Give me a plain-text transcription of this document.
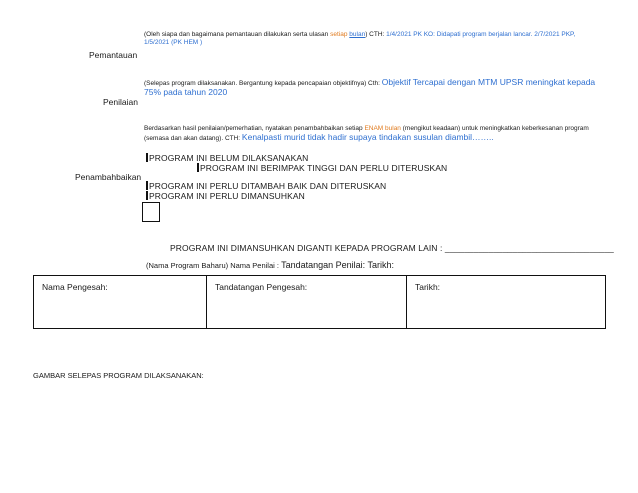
(Oleh siapa dan bagaimana pemantauan dilakukan serta ulasan setiap bulan) CTH: 1/4/2021 PK KO: Didapati program berjalan lancar. 2/7/2021 PKP,
1/5/2021 (PK HEM )
Pemantauan
(Selepas program dilaksanakan. Bergantung kepada pencapaian objektifnya) Cth: Objektif Tercapai dengan MTM UPSR meningkat kepada
75% pada tahun 2020
Penilaian
Berdasarkan hasil penilaian/pemerhatian, nyatakan penambahbaikan setiap ENAM bulan (mengikut keadaan) untuk meningkatkan keberkesanan program
(semasa dan akan datang). CTH: Kenalpasti murid tidak hadir supaya tindakan susulan diambil……..
PROGRAM INI BELUM DILAKSANAKAN
PROGRAM INI BERIMPAK TINGGI DAN PERLU DITERUSKAN
Penambahbaikan
PROGRAM INI PERLU DITAMBAH BAIK DAN DITERUSKAN
PROGRAM INI PERLU DIMANSUHKAN
PROGRAM INI DIMANSUHKAN DIGANTI KEPADA PROGRAM LAIN : ___________________________________
(Nama Program Baharu) Nama Penilai : Tandatangan Penilai: Tarikh:
Nama Pengesah:	Tandatangan Pengesah:	Tarikh:
GAMBAR SELEPAS PROGRAM DILAKSANAKAN:
